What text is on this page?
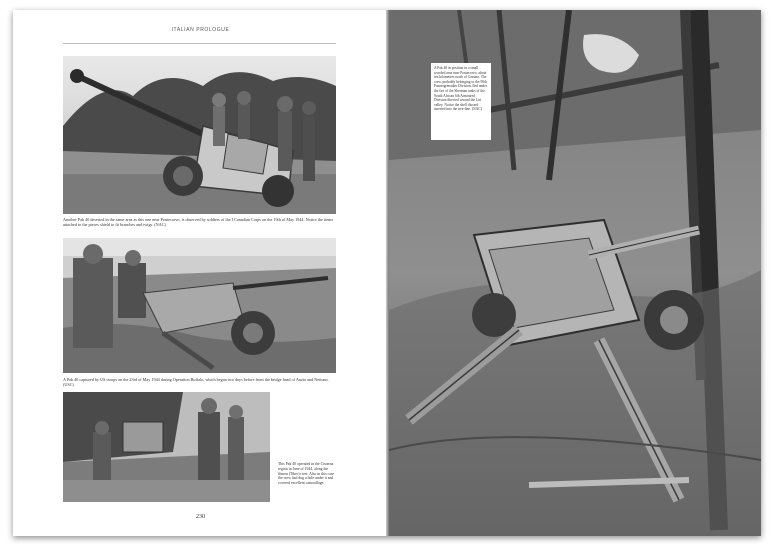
ITALIAN PROLOGUE
Another Pak 40 deserted in the same area as this one near Pontecorvo, is observed by soldiers of the I Canadian Corps on the 19th of May 1944. Notice the items attached to the pieces shield to fit branches and twigs. (NAC)
A Pak 40 captured by US troops on the 23rd of May 1944 during Operation Buffalo, which began two days before from the bridge head of Anzio and Nettuno. (USC)
This Pak 40 operated in the Cisterna region in June of 1944, along the Simon (Tiber) river. Also in this case the crew had dug a hole under it and covered excellent camouflage.
230
A Pak 40 in position in a small wooded area near Pontecorvo, about ten kilometres north of Cassino. The crew, probably belonging to the 90th Panzergrenadier Division, fled under the fire of the Sherman tanks of the South African 6th Armoured Division directed toward the Liri valley. Notice the shell discard inserted into the tree-line. (NAC)
